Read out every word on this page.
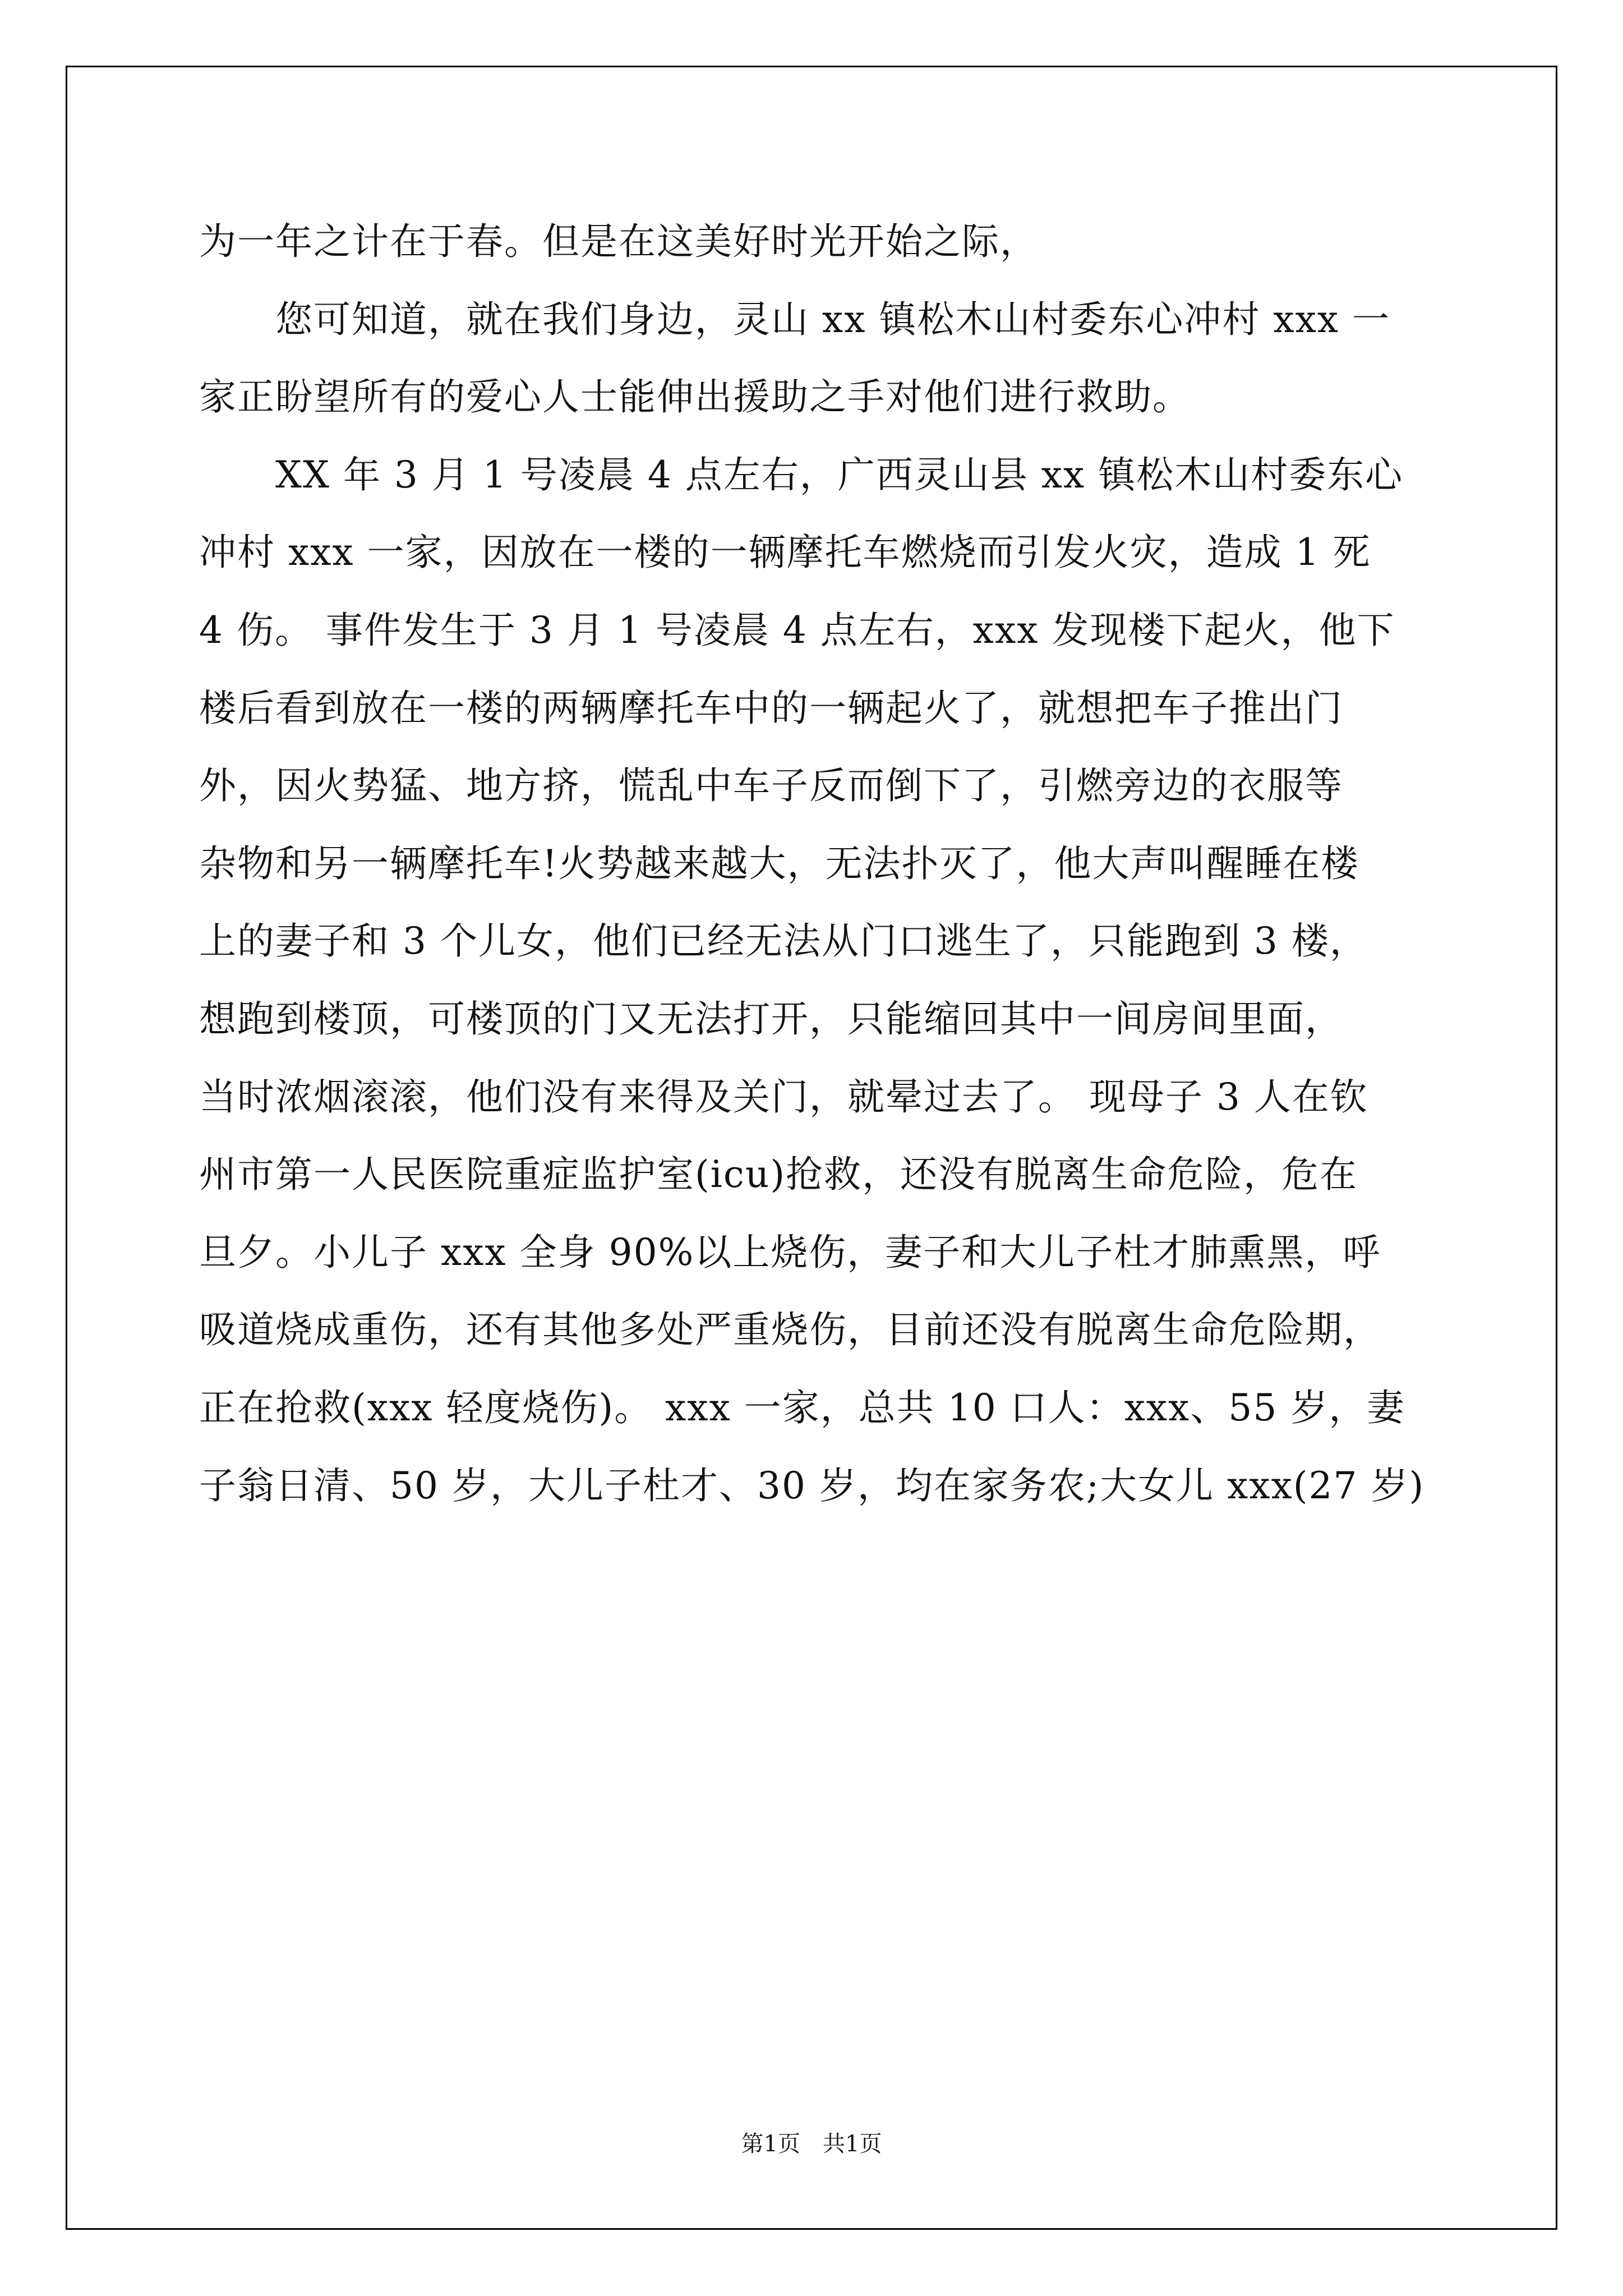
为一年之计在于春。但是在这美好时光开始之际，
您可知道，就在我们身边，灵山 xx 镇松木山村委东心冲村 xxx 一
家正盼望所有的爱心人士能伸出援助之手对他们进行救助。
XX 年 3 月 1 号凌晨 4 点左右，广西灵山县 xx 镇松木山村委东心
冲村 xxx 一家，因放在一楼的一辆摩托车燃烧而引发火灾，造成 1 死
4 伤。 事件发生于 3 月 1 号凌晨 4 点左右，xxx 发现楼下起火，他下
楼后看到放在一楼的两辆摩托车中的一辆起火了，就想把车子推出门
外，因火势猛、地方挤，慌乱中车子反而倒下了，引燃旁边的衣服等
杂物和另一辆摩托车!火势越来越大，无法扑灭了，他大声叫醒睡在楼
上的妻子和 3 个儿女，他们已经无法从门口逃生了，只能跑到 3 楼，
想跑到楼顶，可楼顶的门又无法打开，只能缩回其中一间房间里面，
当时浓烟滚滚，他们没有来得及关门，就晕过去了。 现母子 3 人在钦
州市第一人民医院重症监护室(icu)抢救，还没有脱离生命危险，危在
旦夕。小儿子 xxx 全身 90%以上烧伤，妻子和大儿子杜才肺熏黑，呼
吸道烧成重伤，还有其他多处严重烧伤，目前还没有脱离生命危险期，
正在抢救(xxx 轻度烧伤)。 xxx 一家，总共 10 口人：xxx、55 岁，妻
子翁日清、50 岁，大儿子杜才、30 岁，均在家务农;大女儿 xxx(27 岁)
第1页　共1页
